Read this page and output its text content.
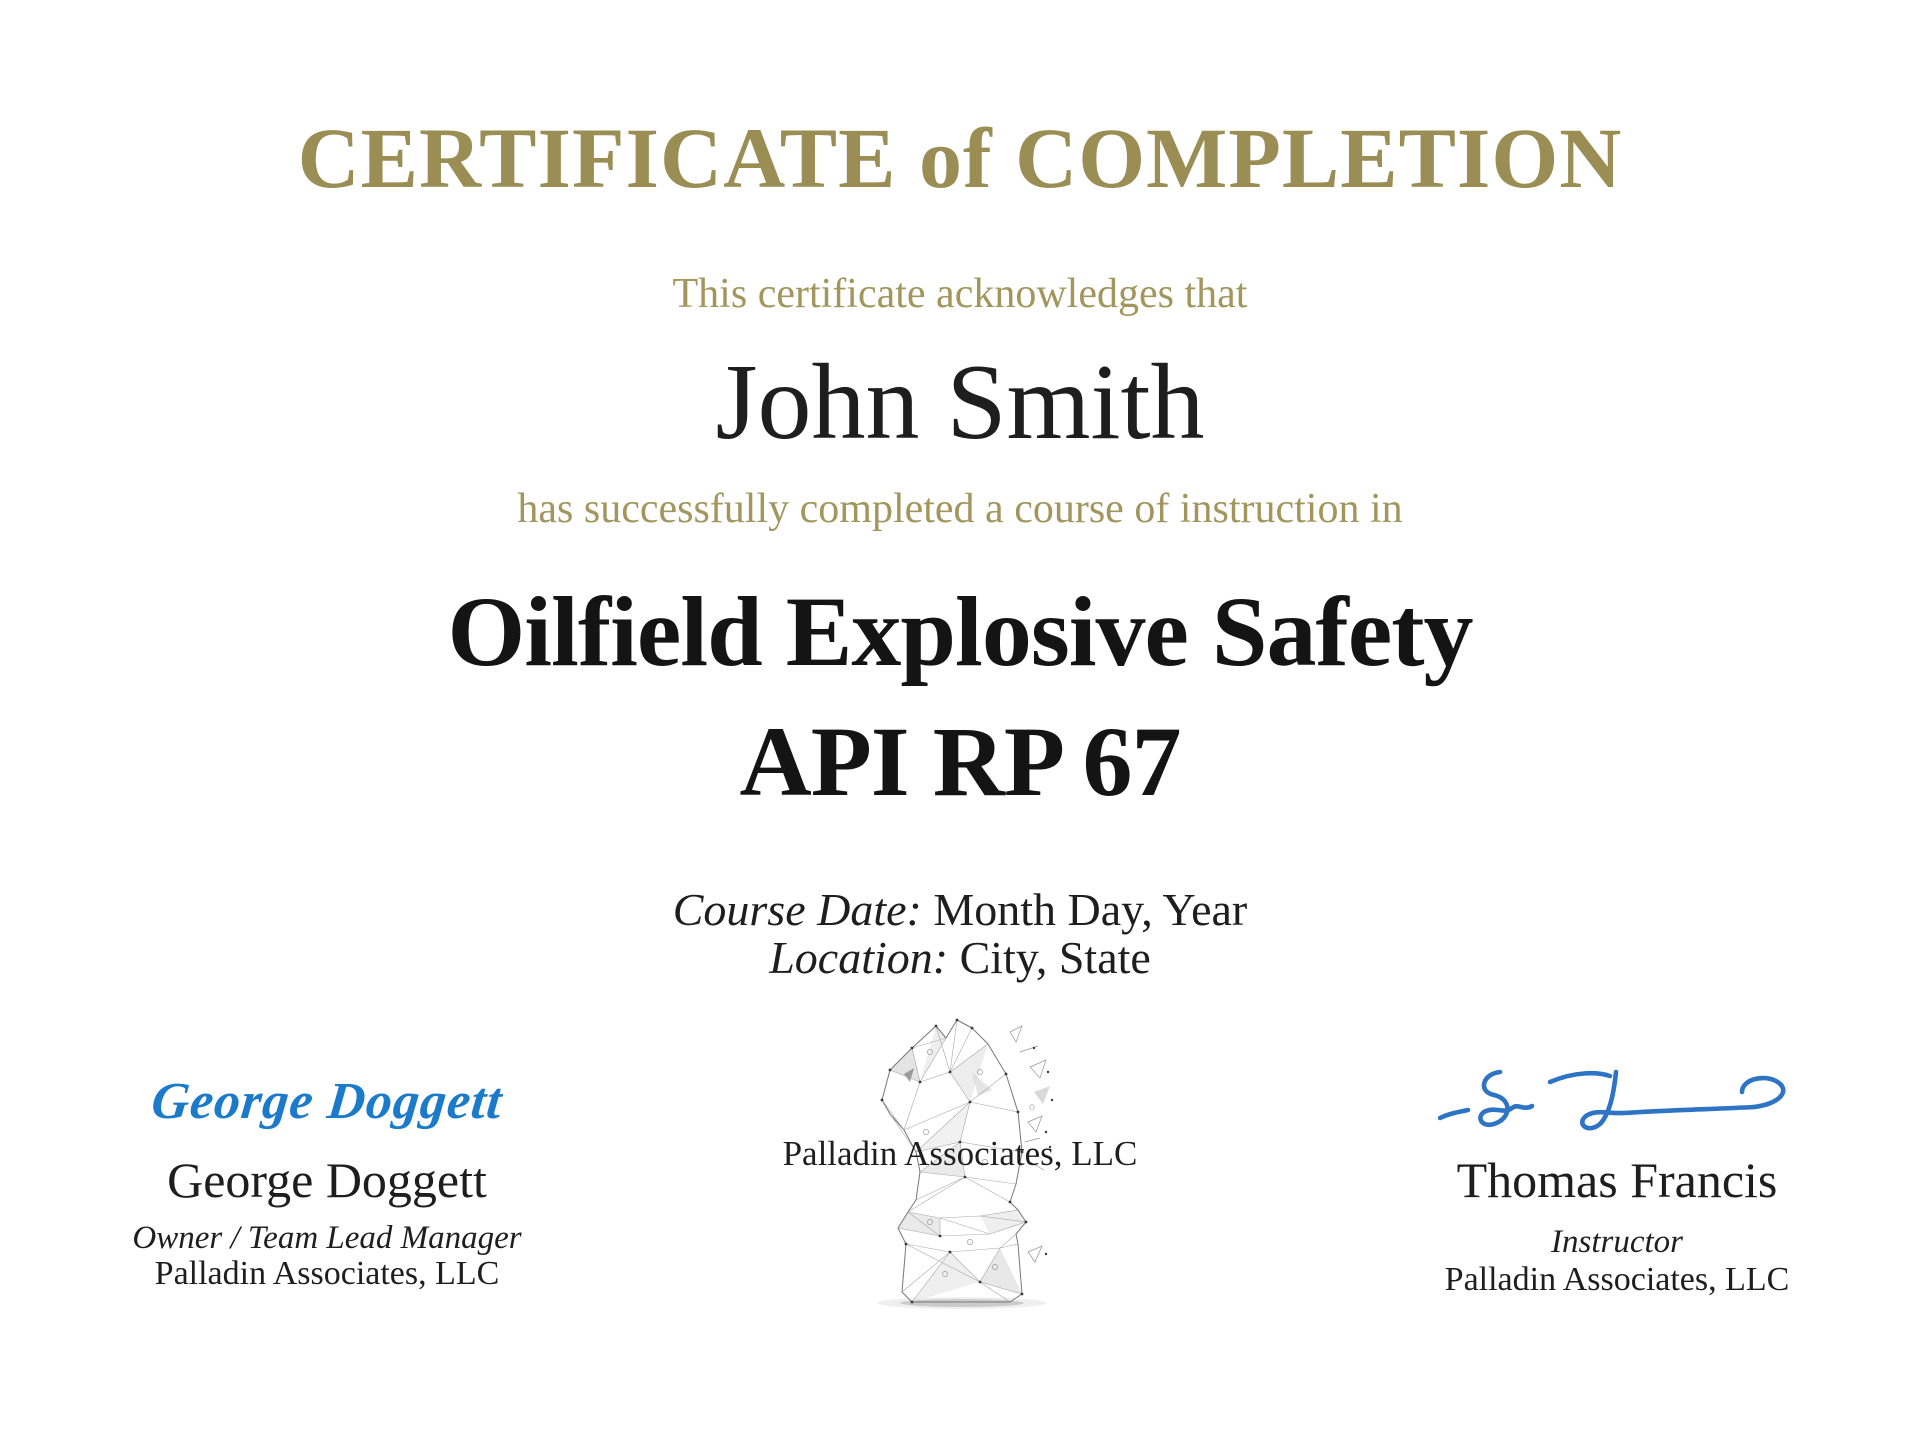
CERTIFICATE of COMPLETION
This certificate acknowledges that
John Smith
has successfully completed a course of instruction in
Oilfield Explosive Safety
API RP 67
Course Date: Month Day, Year
Location: City, State
Palladin Associates, LLC
George Doggett
George Doggett
Owner / Team Lead Manager
Palladin Associates, LLC
Thomas Francis
Instructor
Palladin Associates, LLC
